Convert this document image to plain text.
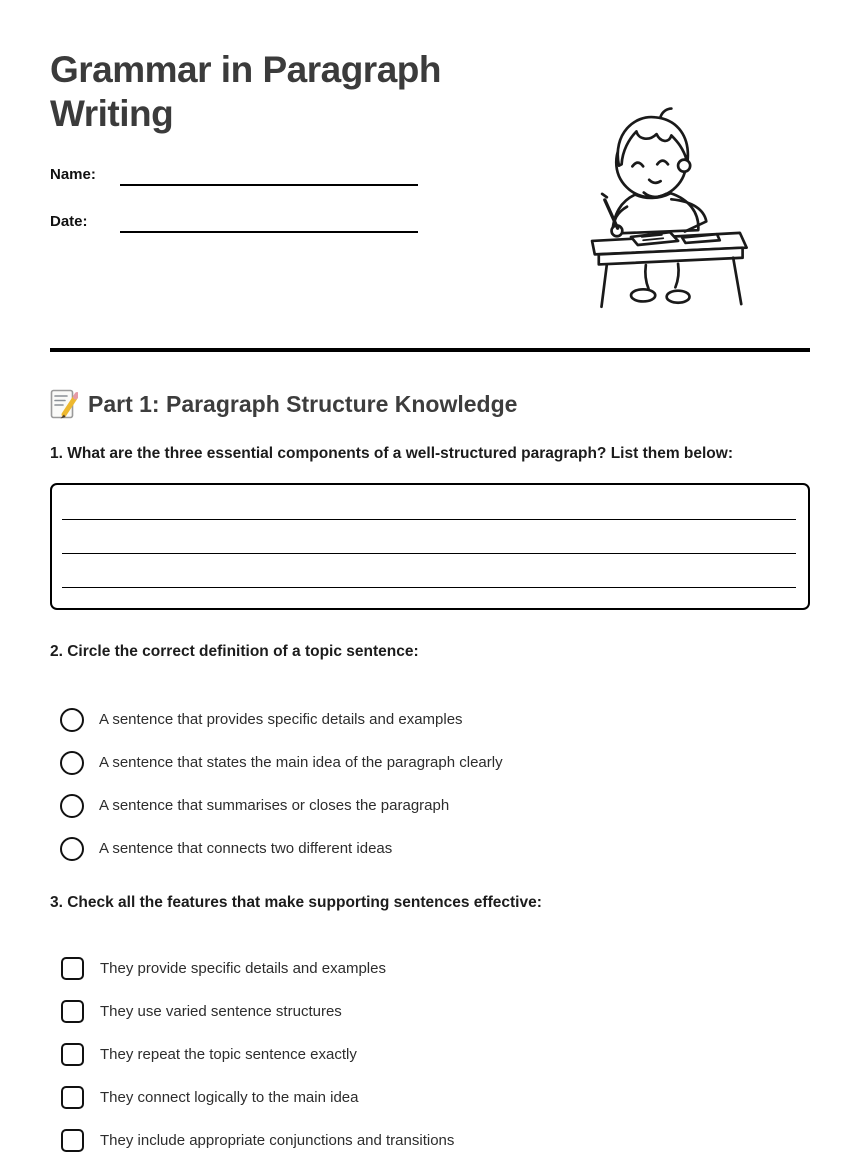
Grammar in Paragraph Writing
Name:
Date:
Part 1: Paragraph Structure Knowledge

1. What are the three essential components of a well-structured paragraph? List them below:

2. Circle the correct definition of a topic sentence:

A sentence that provides specific details and examples
A sentence that states the main idea of the paragraph clearly
A sentence that summarises or closes the paragraph
A sentence that connects two different ideas

3. Check all the features that make supporting sentences effective:

They provide specific details and examples
They use varied sentence structures
They repeat the topic sentence exactly
They connect logically to the main idea
They include appropriate conjunctions and transitions
